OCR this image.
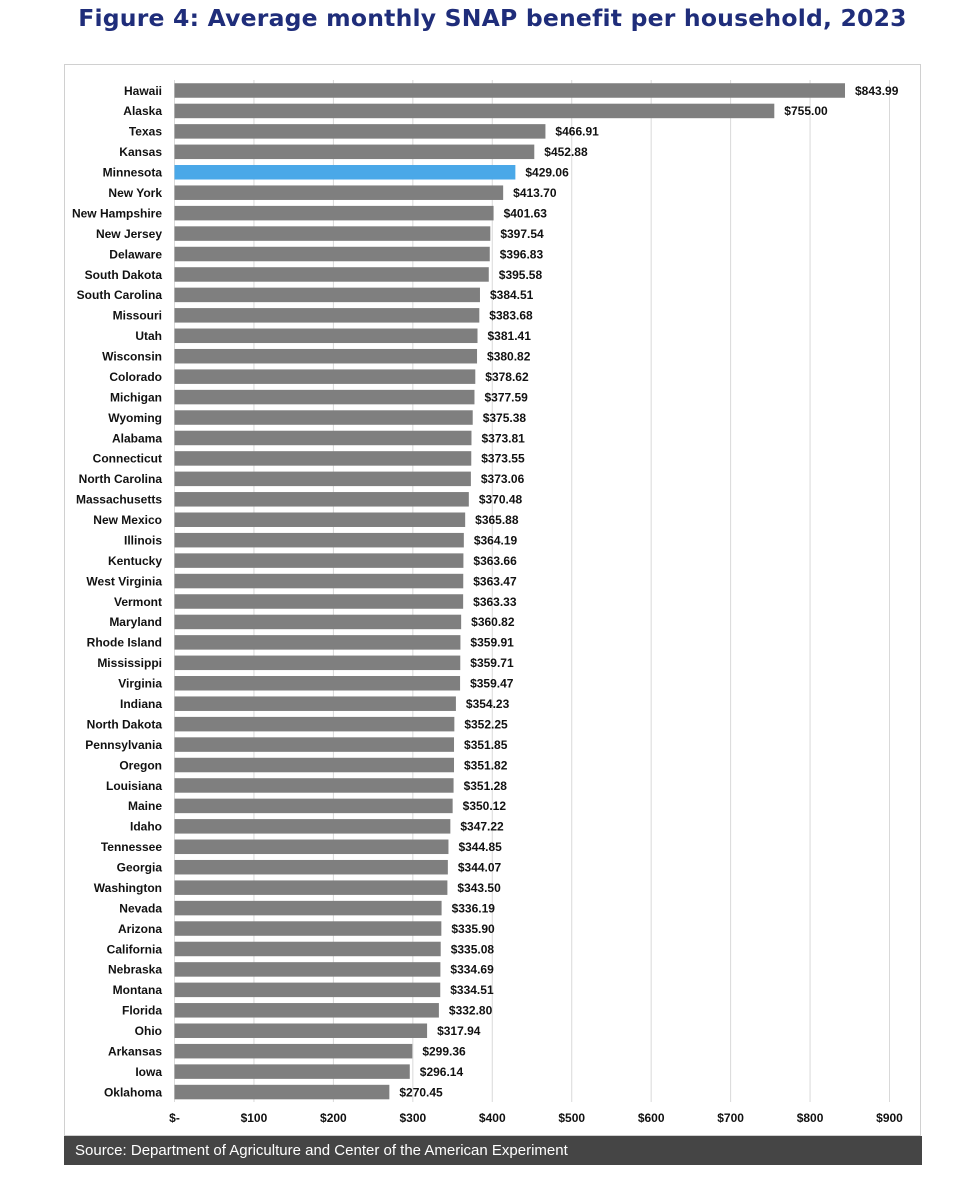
Figure 4: Average monthly SNAP benefit per household, 2023
$-	$100	$200	$300	$400	$500	$600	$700	$800	$900
Hawaii	$843.99
Alaska	$755.00
Texas	$466.91
Kansas	$452.88
Minnesota	$429.06
New York	$413.70
New Hampshire	$401.63
New Jersey	$397.54
Delaware	$396.83
South Dakota	$395.58
South Carolina	$384.51
Missouri	$383.68
Utah	$381.41
Wisconsin	$380.82
Colorado	$378.62
Michigan	$377.59
Wyoming	$375.38
Alabama	$373.81
Connecticut	$373.55
North Carolina	$373.06
Massachusetts	$370.48
New Mexico	$365.88
Illinois	$364.19
Kentucky	$363.66
West Virginia	$363.47
Vermont	$363.33
Maryland	$360.82
Rhode Island	$359.91
Mississippi	$359.71
Virginia	$359.47
Indiana	$354.23
North Dakota	$352.25
Pennsylvania	$351.85
Oregon	$351.82
Louisiana	$351.28
Maine	$350.12
Idaho	$347.22
Tennessee	$344.85
Georgia	$344.07
Washington	$343.50
Nevada	$336.19
Arizona	$335.90
California	$335.08
Nebraska	$334.69
Montana	$334.51
Florida	$332.80
Ohio	$317.94
Arkansas	$299.36
Iowa	$296.14
Oklahoma	$270.45
Source: Department of Agriculture and Center of the American Experiment
